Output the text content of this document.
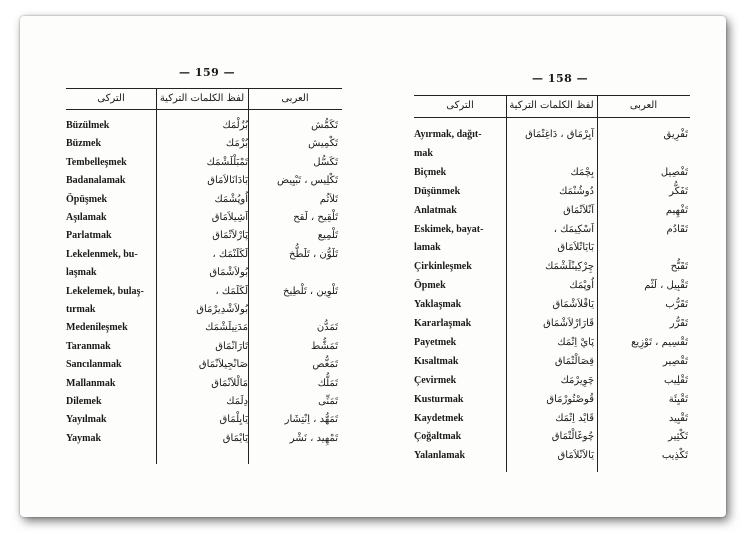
— 159 —
التركى	لفظ الكلمات التركية	العربى
Büzülmek	بُزُلْمَك	تَكَمُّش
Büzmek	بُزْمَك	تَكْمِيش
Tembelleşmek	تَمْبَلْلَشْمَك	تَكَسُّل
Badanalamak	بَادَانَالاَمَاق	تَكْلِيس ، تَبْيِيض
Öpüşmek	اُوپُشْمَك	تَلاَثُم
Aşılamak	اَشِيلاَمَاق	تَلْقِيح ، لَقح
Parlatmak	پَارْلاَتْمَاق	تَلْمِيع
Lekelenmek, bu-	لَكَلَنْمَك ،	تَلَوُّن ، تَلَطُّخ
laşmak	بُولاَشْمَاق
Lekelemek, bulaş-	لَكَلَمَك ،	تَلْوِين ، تَلْطِيخ
tırmak	بُولاَشْدِيرْمَاق
Medenileşmek	مَدَنِيلَشْمَك	تَمَدُّن
Taranmak	تَارَانْمَاق	تَمَشُّط
Sancılanmak	صَانْجِيلاَنْمَاق	تَمَغُّص
Mallanmak	مَالْلاَنْمَاق	تَمَلُّك
Dilemek	دِلَمَك	تَمَنِّى
Yayılmak	يَايِلْمَاق	تَمَهُّد ، اِنْتِشَار
Yaymak	يَايْمَاق	تَمْهِيد ، نَشْر
— 158 —
التركى	لفظ الكلمات التركية	العربى
Ayırmak, dağıt-	آيِرْمَاق ، دَاغِتْمَاق	تَفْرِيق
mak
Biçmek	بِچْمَك	تَفْصِيل
Düşünmek	دُوشُنْمَك	تَفَكُّر
Anlatmak	آنْلاَتْمَاق	تَفْهِيم
Eskimek, bayat-	اَسْكِيمَك ،	تَقَادُم
lamak	بَايَاتْلاَمَاق
Çirkinleşmek	چِرْكِينْلَشْمَك	تَقَبُّح
Öpmek	اُوپْمَك	تَقْبِيل ، لَثْم
Yaklaşmak	يَاقْلاَشْمَاق	تَقَرُّب
Kararlaşmak	قَارَارْلاَشْمَاق	تَقَرُّر
Payetmek	پَايْ اِتْمَك	تَقْسِيم ، تَوْزِيع
Kısaltmak	قِصَالْتْمَاق	تَقْصِير
Çevirmek	چَوِيرْمَك	تَقْلِيب
Kusturmak	قُوصْتُورْمَاق	تَقْيِئَة
Kaydetmek	قَايْد اِتْمَك	تَقْيِيد
Çoğaltmak	چُوغَالْتْمَاق	تَكْثِير
Yalanlamak	يَالاَنْلاَمَاق	تَكْذِيب
